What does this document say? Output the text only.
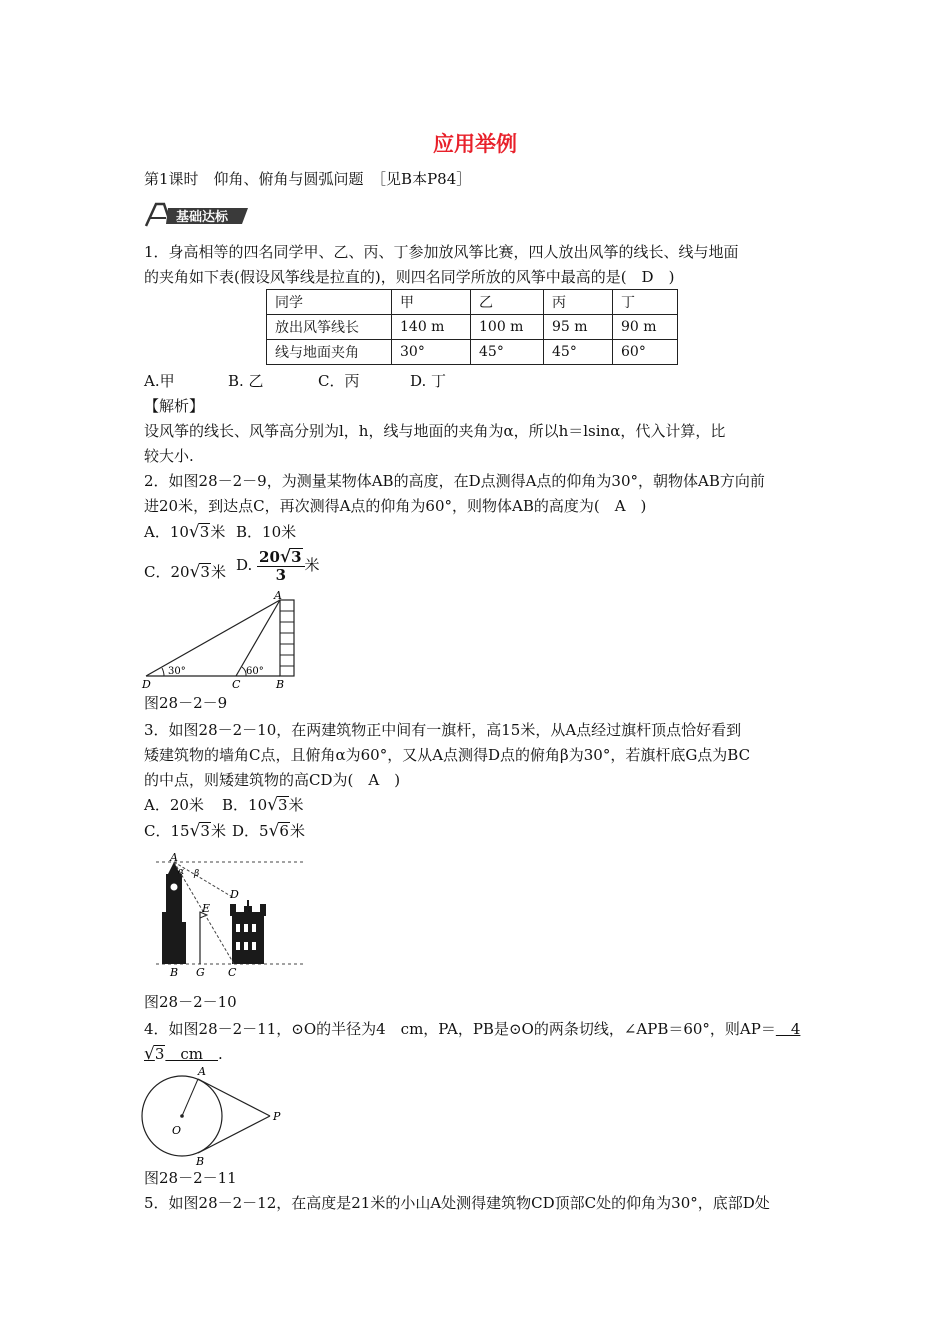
应用举例
第1课时　仰角、俯角与圆弧问题　［见B本P84］
基础达标
1．身高相等的四名同学甲、乙、丙、丁参加放风筝比赛，四人放出风筝的线长、线与地面
的夹角如下表(假设风筝线是拉直的)，则四名同学所放的风筝中最高的是(　D　)
同学	甲	乙	丙	丁
放出风筝线长	140 m	100 m	95 m	90 m
线与地面夹角	30°	45°	45°	60°
A.甲	B. 乙	C．丙	D. 丁
【解析】
设风筝的线长、风筝高分别为l，h，线与地面的夹角为α，所以h＝lsinα，代入计算，比
较大小.
2．如图28－2－9，为测量某物体AB的高度，在D点测得A点的仰角为30°，朝物体AB方向前
进20米，到达点C，再次测得A点的仰角为60°，则物体AB的高度为(　A　)
A．10√3米 B．10米
C．20√3米 D. $\frac{20√3}{3}$ 米
A
B
C
D
30°	60°
图28－2－9
3．如图28－2－10，在两建筑物正中间有一旗杆，高15米，从A点经过旗杆顶点恰好看到
矮建筑物的墙角C点，且俯角α为60°，又从A点测得D点的俯角β为30°，若旗杆底G点为BC
的中点，则矮建筑物的高CD为(　A　)
A．20米 B．10√3米
C．15√3米 D．5√6米
A
α β
D
E
B G C
图28－2－10
4．如图28－2－11，⊙O的半径为4　cm，PA，PB是⊙O的两条切线，∠APB＝60°，则AP＝　4
√3　cm　.
A
B
O
P
图28－2－11
5．如图28－2－12，在高度是21米的小山A处测得建筑物CD顶部C处的仰角为30°，底部D处
